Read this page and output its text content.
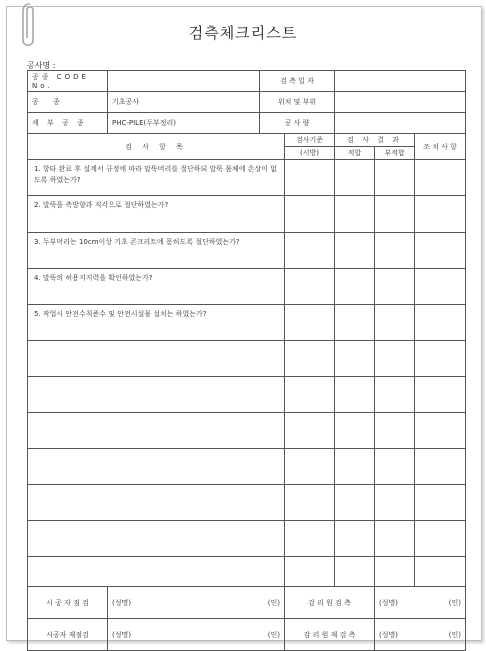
검측체크리스트
공사명 :
공종 CODE No.		검 측 일 자				
공 종	기초공사	위치 및 부위				
세 부 공 종	PHC-PILE(두부정리)	공 사 량				
검 사 항 목			검사기준	검 사 결 과		조 치 사 항
			(시방)	적합	부적합	
1. 항타 완료 후 설계서 규정에 따라 말뚝머리를 절단하되 말뚝 몸체에 손상이 없도록 하였는가?						
2. 말뚝을 축방향과 직각으로 절단하였는가?						
3. 두부머리는 10cm이상 기초 콘크리트에 묻히도록 절단하였는가?						
4. 말뚝의 허용지지력을 확인하였는가?						
5. 작업시 안전수칙준수 및 안전시설물 설치는 하였는가?						

시 공 자 점 검	(성명) (인)		감 리 원 검 측		(성명) (인)	

시공자 재점검	(성명) (인)		감 리 원 재 검 측		(성명) (인)	
